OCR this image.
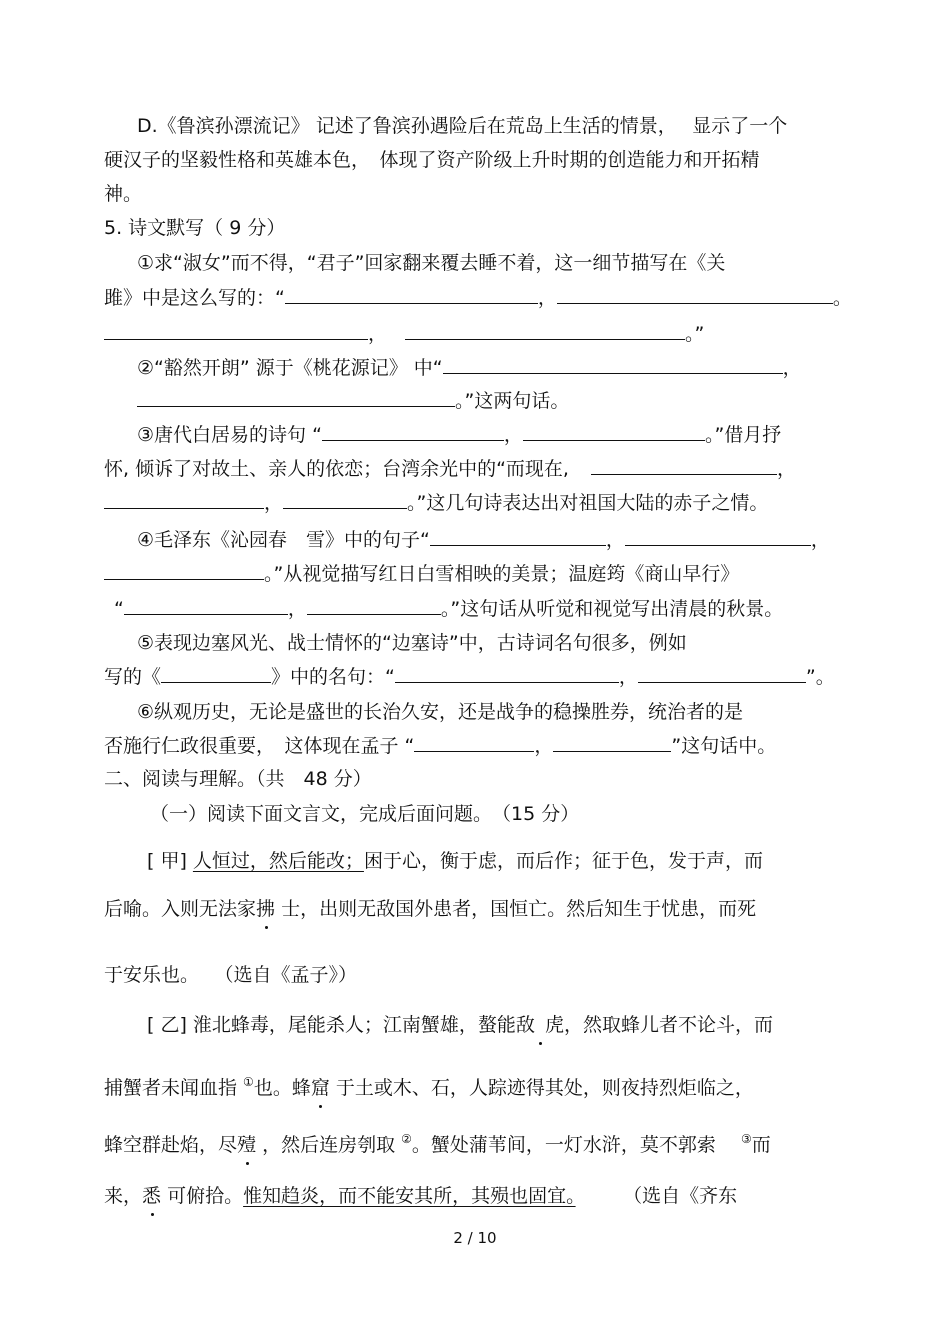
D.《鲁滨孙漂流记》 记述了鲁滨孙遇险后在荒岛上生活的情景，　 显示了一个
硬汉子的坚毅性格和英雄本色，　体现了资产阶级上升时期的创造能力和开拓精
神。
5. 诗文默写（ 9 分）
①求“淑女”而不得，“君子”回家翻来覆去睡不着，这一细节描写在《关
雎》中是这么写的：“	，	。
，	。”
②“豁然开朗” 源于《桃花源记》 中“	，
。”这两句话。
③唐代白居易的诗句 “	，	。”借月抒
怀, 倾诉了对故土、亲人的依恋；台湾余光中的“而现在,	，
，	。”这几句诗表达出对祖国大陆的赤子之情。
④毛泽东《沁园春　雪》中的句子“	，	，
。”从视觉描写红日白雪相映的美景；温庭筠《商山早行》
“	，	。”这句话从听觉和视觉写出清晨的秋景。
⑤表现边塞风光、战士情怀的“边塞诗”中，古诗词名句很多，例如
写的《	》中的名句：“	，	”。
⑥纵观历史，无论是盛世的长治久安，还是战争的稳操胜券，统治者的是
否施行仁政很重要，　这体现在孟子 “	，	”这句话中。
二、阅读与理解。（共　48 分）
（一）阅读下面文言文，完成后面问题。　（15 分）
[ 甲] 人恒过，然后能改；困于心，衡于虑，而后作；征于色，发于声，而
后喻。入则无法家拂 士，出则无敌国外患者，国恒亡。然后知生于忧患，而死
于安乐也。　 （选自《孟子》）
[ 乙] 淮北蜂毒，尾能杀人；江南蟹雄，螯能敌 虎，然取蜂儿者不论斗，而
捕蟹者未闻血指 ①也。蜂窟 于土或木、石，人踪迹得其处，则夜持烈炬临之，
蜂空群赴焰，尽殪 ，然后连房刳取 ②。蟹处蒲苇间，一灯水浒，莫不郭索　 ③而
来，悉 可俯拾。惟知趋炎，而不能安其所，其殒也固宜。　　　（选自《齐东
2 / 10
